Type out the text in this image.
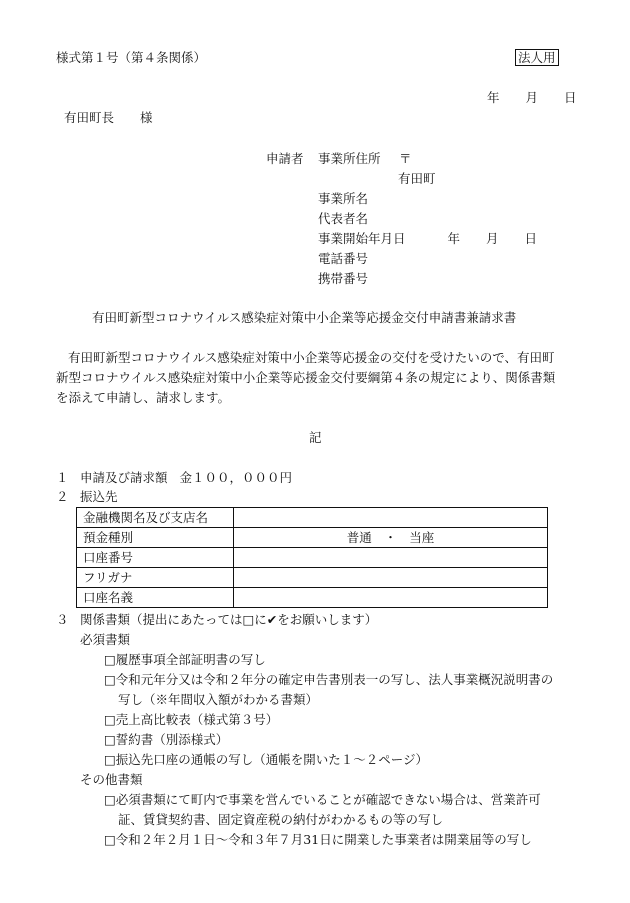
様式第１号（第４条関係）	法人用
年 月 日
有田町長 様
申請者 事業所住所 〒
有田町
事業所名
代表者名
事業開始年月日	年 月 日
電話番号
携帯番号
有田町新型コロナウイルス感染症対策中小企業等応援金交付申請書兼請求書
有田町新型コロナウイルス感染症対策中小企業等応援金の交付を受けたいので、有田町
新型コロナウイルス感染症対策中小企業等応援金交付要綱第４条の規定により、関係書類
を添えて申請し、請求します。
記
１ 申請及び請求額 金１００，０００円
２ 振込先
金融機関名及び支店名	
預金種別	普通　・　当座
口座番号	
フリガナ	
口座名義	
３ 関係書類（提出にあたっては□に✔をお願いします）
必須書類
□履歴事項全部証明書の写し
□令和元年分又は令和２年分の確定申告書別表一の写し、法人事業概況説明書の
写し（※年間収入額がわかる書類）
□売上高比較表（様式第３号）
□誓約書（別添様式）
□振込先口座の通帳の写し（通帳を開いた１～２ページ）
その他書類
□必須書類にて町内で事業を営んでいることが確認できない場合は、営業許可
証、賃貸契約書、固定資産税の納付がわかるもの等の写し
□令和２年２月１日～令和３年７月31日に開業した事業者は開業届等の写し
